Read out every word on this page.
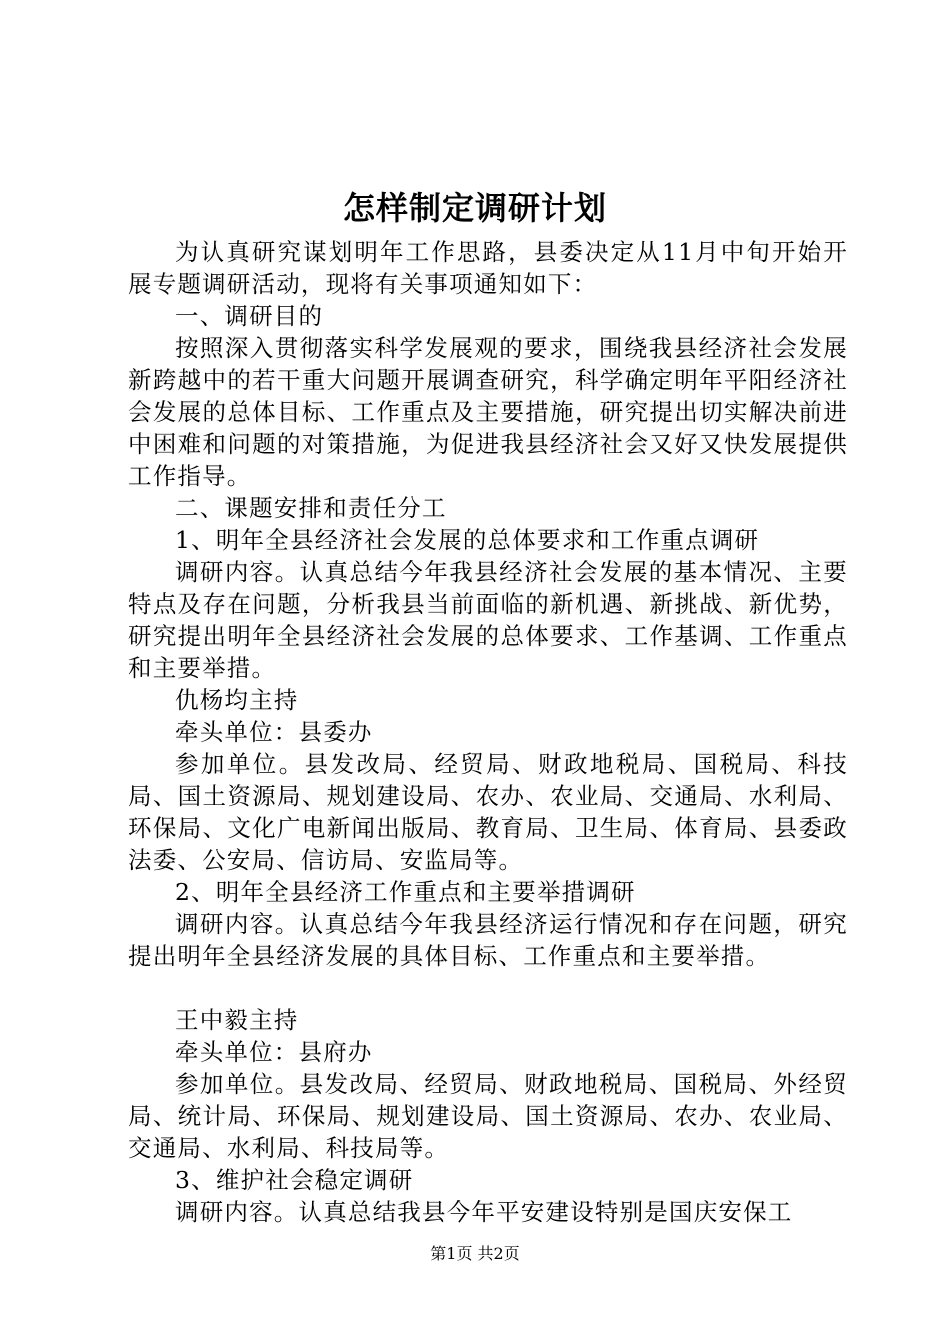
怎样制定调研计划

为认真研究谋划明年工作思路，县委决定从11月中旬开始开展专题调研活动，现将有关事项通知如下：

一、调研目的

按照深入贯彻落实科学发展观的要求，围绕我县经济社会发展新跨越中的若干重大问题开展调查研究，科学确定明年平阳经济社会发展的总体目标、工作重点及主要措施，研究提出切实解决前进中困难和问题的对策措施，为促进我县经济社会又好又快发展提供工作指导。

二、课题安排和责任分工

1、明年全县经济社会发展的总体要求和工作重点调研

调研内容。认真总结今年我县经济社会发展的基本情况、主要特点及存在问题，分析我县当前面临的新机遇、新挑战、新优势，研究提出明年全县经济社会发展的总体要求、工作基调、工作重点和主要举措。

仇杨均主持

牵头单位：县委办

参加单位。县发改局、经贸局、财政地税局、国税局、科技局、国土资源局、规划建设局、农办、农业局、交通局、水利局、环保局、文化广电新闻出版局、教育局、卫生局、体育局、县委政法委、公安局、信访局、安监局等。

2、明年全县经济工作重点和主要举措调研

调研内容。认真总结今年我县经济运行情况和存在问题，研究提出明年全县经济发展的具体目标、工作重点和主要举措。

王中毅主持

牵头单位：县府办

参加单位。县发改局、经贸局、财政地税局、国税局、外经贸局、统计局、环保局、规划建设局、国土资源局、农办、农业局、交通局、水利局、科技局等。

3、维护社会稳定调研

调研内容。认真总结我县今年平安建设特别是国庆安保工

第1页 共2页
